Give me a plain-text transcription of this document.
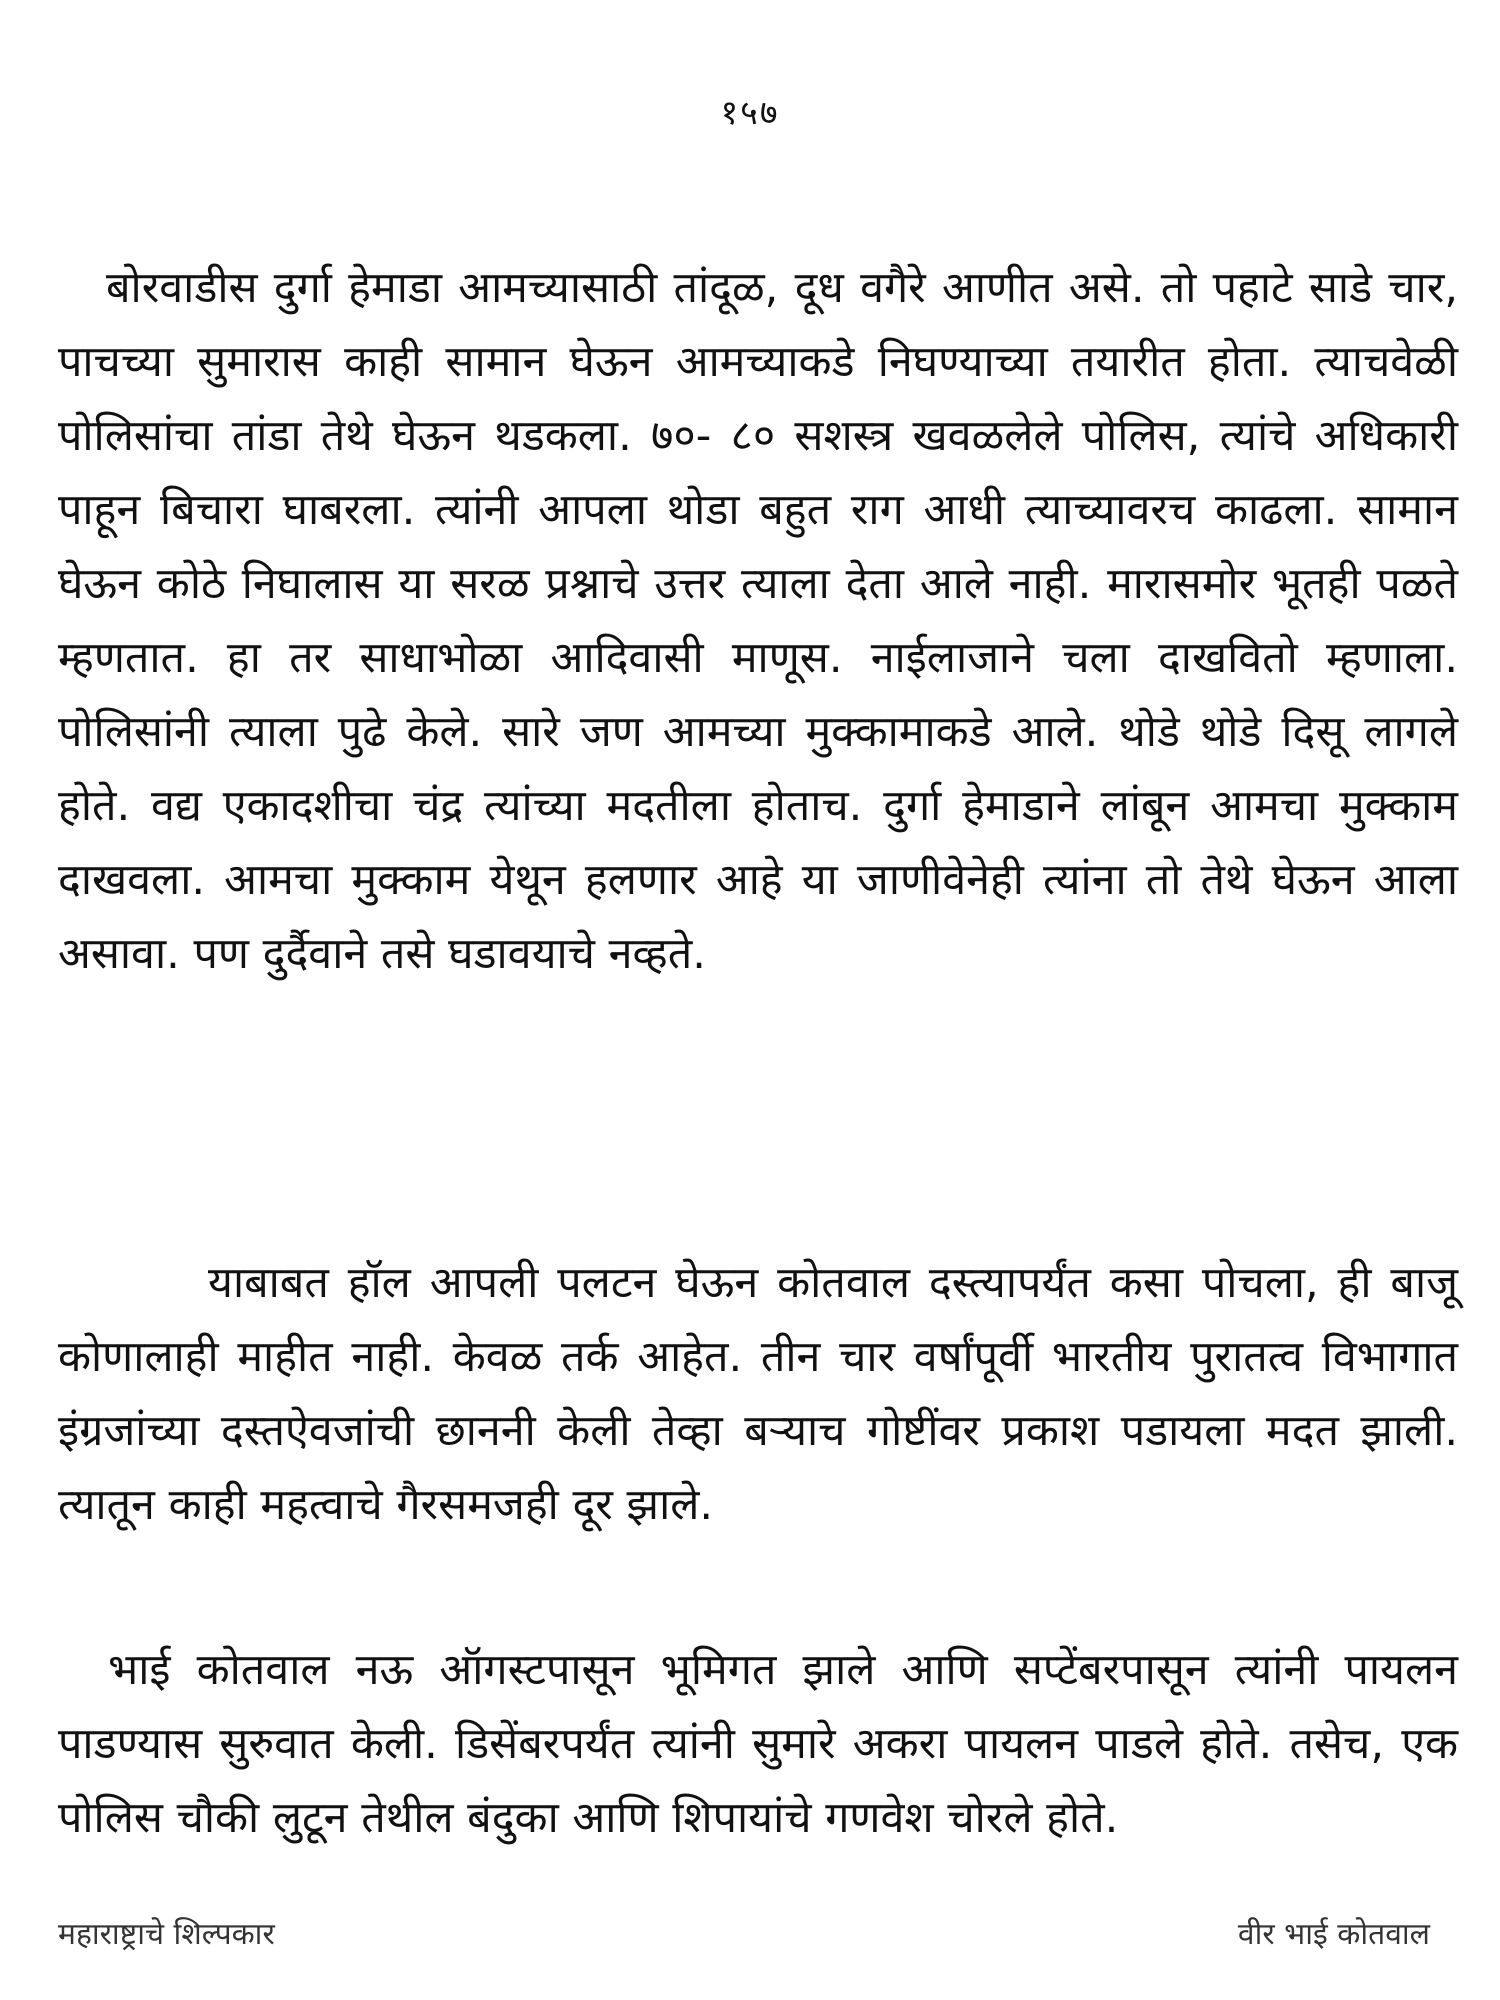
१५७

बोरवाडीस दुर्गा हेमाडा आमच्यासाठी तांदूळ, दूध वगैरे आणीत असे. तो पहाटे साडे चार, पाचच्या सुमारास काही सामान घेऊन आमच्याकडे निघण्याच्या तयारीत होता. त्याचवेळी पोलिसांचा तांडा तेथे घेऊन थडकला. ७०- ८० सशस्त्र खवळलेले पोलिस, त्यांचे अधिकारी पाहून बिचारा घाबरला. त्यांनी आपला थोडा बहुत राग आधी त्याच्यावरच काढला. सामान घेऊन कोठे निघालास या सरळ प्रश्नाचे उत्तर त्याला देता आले नाही. मारासमोर भूतही पळते म्हणतात. हा तर साधाभोळा आदिवासी माणूस. नाईलाजाने चला दाखवितो म्हणाला. पोलिसांनी त्याला पुढे केले. सारे जण आमच्या मुक्कामाकडे आले. थोडे थोडे दिसू लागले होते. वद्य एकादशीचा चंद्र त्यांच्या मदतीला होताच. दुर्गा हेमाडाने लांबून आमचा मुक्काम दाखवला. आमचा मुक्काम येथून हलणार आहे या जाणीवेनेही त्यांना तो तेथे घेऊन आला असावा. पण दुर्दैवाने तसे घडावयाचे नव्हते.

याबाबत हॉल आपली पलटन घेऊन कोतवाल दस्त्यापर्यंत कसा पोचला, ही बाजू कोणालाही माहीत नाही. केवळ तर्क आहेत. तीन चार वर्षांपूर्वी भारतीय पुरातत्व विभागात इंग्रजांच्या दस्तऐवजांची छाननी केली तेव्हा बऱ्याच गोष्टींवर प्रकाश पडायला मदत झाली. त्यातून काही महत्वाचे गैरसमजही दूर झाले.

भाई कोतवाल नऊ ऑगस्टपासून भूमिगत झाले आणि सप्टेंबरपासून त्यांनी पायलन पाडण्यास सुरुवात केली. डिसेंबरपर्यंत त्यांनी सुमारे अकरा पायलन पाडले होते. तसेच, एक पोलिस चौकी लुटून तेथील बंदुका आणि शिपायांचे गणवेश चोरले होते.

महाराष्ट्राचे शिल्पकार	वीर भाई कोतवाल
